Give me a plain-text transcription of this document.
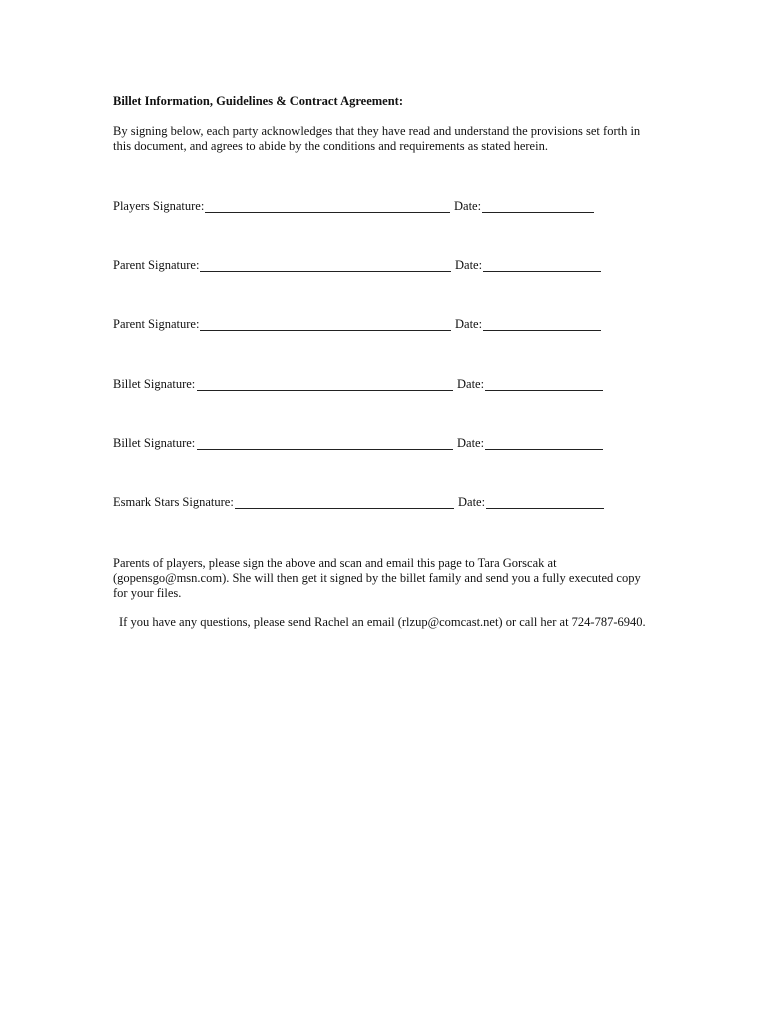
Billet Information, Guidelines & Contract Agreement:
By signing below, each party acknowledges that they have read and understand the provisions set forth in this document, and agrees to abide by the conditions and requirements as stated herein.
Players Signature:	Date:
Parent Signature:	Date:
Parent Signature:	Date:
Billet Signature:	Date:
Billet Signature:	Date:
Esmark Stars Signature:	Date:
Parents of players, please sign the above and scan and email this page to Tara Gorscak at (gopensgo@msn.com). She will then get it signed by the billet family and send you a fully executed copy for your files.
If you have any questions, please send Rachel an email (rlzup@comcast.net) or call her at 724-787-6940.
